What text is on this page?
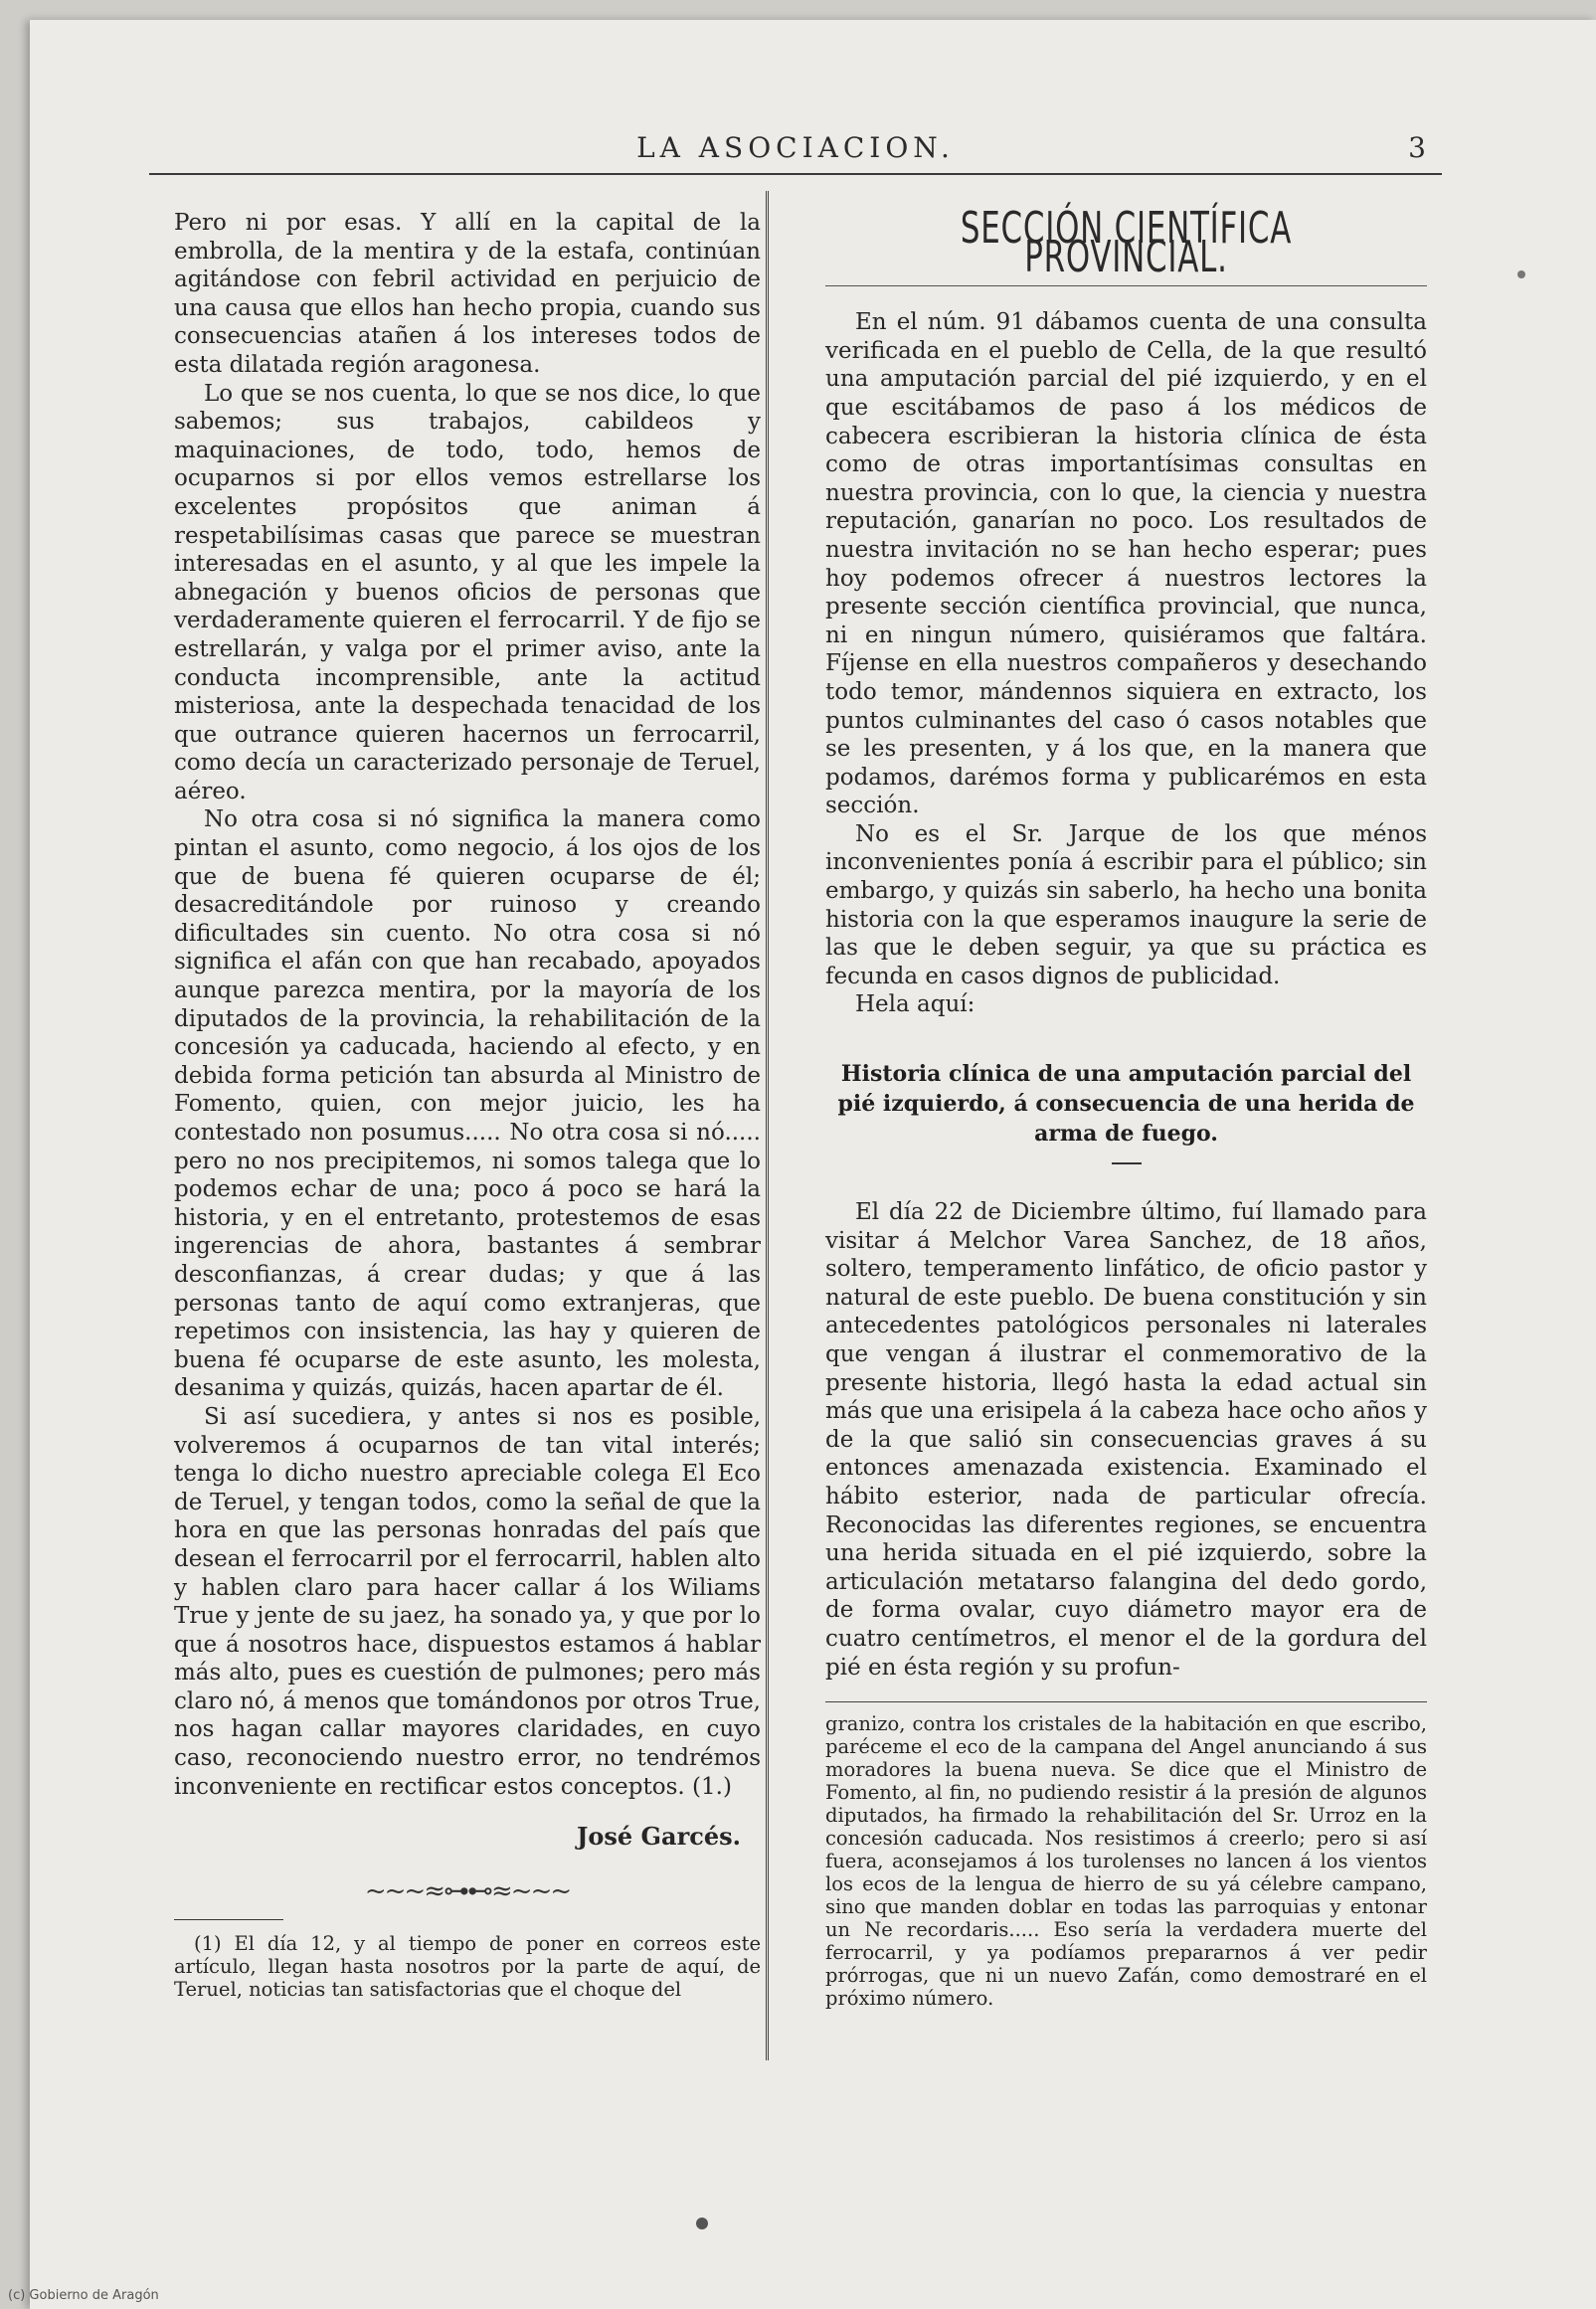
LA ASOCIACION.	3

Pero ni por esas. Y allí en la capital de la embrolla, de la mentira y de la estafa, continúan agitándose con febril actividad en perjuicio de una causa que ellos han hecho propia, cuando sus consecuencias atañen á los intereses todos de esta dilatada región aragonesa.

Lo que se nos cuenta, lo que se nos dice, lo que sabemos; sus trabajos, cabildeos y maquinaciones, de todo, todo, hemos de ocuparnos si por ellos vemos estrellarse los excelentes propósitos que animan á respetabilísimas casas que parece se muestran interesadas en el asunto, y al que les impele la abnegación y buenos oficios de personas que verdaderamente quieren el ferrocarril. Y de fijo se estrellarán, y valga por el primer aviso, ante la conducta incomprensible, ante la actitud misteriosa, ante la despechada tenacidad de los que outrance quieren hacernos un ferrocarril, como decía un caracterizado personaje de Teruel, aéreo.

No otra cosa si nó significa la manera como pintan el asunto, como negocio, á los ojos de los que de buena fé quieren ocuparse de él; desacreditándole por ruinoso y creando dificultades sin cuento. No otra cosa si nó significa el afán con que han recabado, apoyados aunque parezca mentira, por la mayoría de los diputados de la provincia, la rehabilitación de la concesión ya caducada, haciendo al efecto, y en debida forma petición tan absurda al Ministro de Fomento, quien, con mejor juicio, les ha contestado non posumus..... No otra cosa si nó..... pero no nos precipitemos, ni somos talega que lo podemos echar de una; poco á poco se hará la historia, y en el entretanto, protestemos de esas ingerencias de ahora, bastantes á sembrar desconfianzas, á crear dudas; y que á las personas tanto de aquí como extranjeras, que repetimos con insistencia, las hay y quieren de buena fé ocuparse de este asunto, les molesta, desanima y quizás, quizás, hacen apartar de él.

Si así sucediera, y antes si nos es posible, volveremos á ocuparnos de tan vital interés; tenga lo dicho nuestro apreciable colega El Eco de Teruel, y tengan todos, como la señal de que la hora en que las personas honradas del país que desean el ferrocarril por el ferrocarril, hablen alto y hablen claro para hacer callar á los Wiliams True y jente de su jaez, ha sonado ya, y que por lo que á nosotros hace, dispuestos estamos á hablar más alto, pues es cuestión de pulmones; pero más claro nó, á menos que tomándonos por otros True, nos hagan callar mayores claridades, en cuyo caso, reconociendo nuestro error, no tendrémos inconveniente en rectificar estos conceptos. (1.)

José Garcés.
~~~≈⊶⊷≈~~~

(1) El día 12, y al tiempo de poner en correos este artículo, llegan hasta nosotros por la parte de aquí, de Teruel, noticias tan satisfactorias que el choque del

SECCIÓN CIENTÍFICA PROVINCIAL.

En el núm. 91 dábamos cuenta de una consulta verificada en el pueblo de Cella, de la que resultó una amputación parcial del pié izquierdo, y en el que escitábamos de paso á los médicos de cabecera escribieran la historia clínica de ésta como de otras importantísimas consultas en nuestra provincia, con lo que, la ciencia y nuestra reputación, ganarían no poco. Los resultados de nuestra invitación no se han hecho esperar; pues hoy podemos ofrecer á nuestros lectores la presente sección científica provincial, que nunca, ni en ningun número, quisiéramos que faltára. Fíjense en ella nuestros compañeros y desechando todo temor, mándennos siquiera en extracto, los puntos culminantes del caso ó casos notables que se les presenten, y á los que, en la manera que podamos, darémos forma y publicarémos en esta sección.

No es el Sr. Jarque de los que ménos inconvenientes ponía á escribir para el público; sin embargo, y quizás sin saberlo, ha hecho una bonita historia con la que esperamos inaugure la serie de las que le deben seguir, ya que su práctica es fecunda en casos dignos de publicidad.

Hela aquí:

Historia clínica de una amputación parcial del pié izquierdo, á consecuencia de una herida de arma de fuego.

El día 22 de Diciembre último, fuí llamado para visitar á Melchor Varea Sanchez, de 18 años, soltero, temperamento linfático, de oficio pastor y natural de este pueblo. De buena constitución y sin antecedentes patológicos personales ni laterales que vengan á ilustrar el conmemorativo de la presente historia, llegó hasta la edad actual sin más que una erisipela á la cabeza hace ocho años y de la que salió sin consecuencias graves á su entonces amenazada existencia. Examinado el hábito esterior, nada de particular ofrecía. Reconocidas las diferentes regiones, se encuentra una herida situada en el pié izquierdo, sobre la articulación metatarso falangina del dedo gordo, de forma ovalar, cuyo diámetro mayor era de cuatro centímetros, el menor el de la gordura del pié en ésta región y su profun-

granizo, contra los cristales de la habitación en que escribo, paréceme el eco de la campana del Angel anunciando á sus moradores la buena nueva. Se dice que el Ministro de Fomento, al fin, no pudiendo resistir á la presión de algunos diputados, ha firmado la rehabilitación del Sr. Urroz en la concesión caducada. Nos resistimos á creerlo; pero si así fuera, aconsejamos á los turolenses no lancen á los vientos los ecos de la lengua de hierro de su yá célebre campano, sino que manden doblar en todas las parroquias y entonar un Ne recordaris..... Eso sería la verdadera muerte del ferrocarril, y ya podíamos prepararnos á ver pedir prórrogas, que ni un nuevo Zafán, como demostraré en el próximo número.

(c) Gobierno de Aragón
